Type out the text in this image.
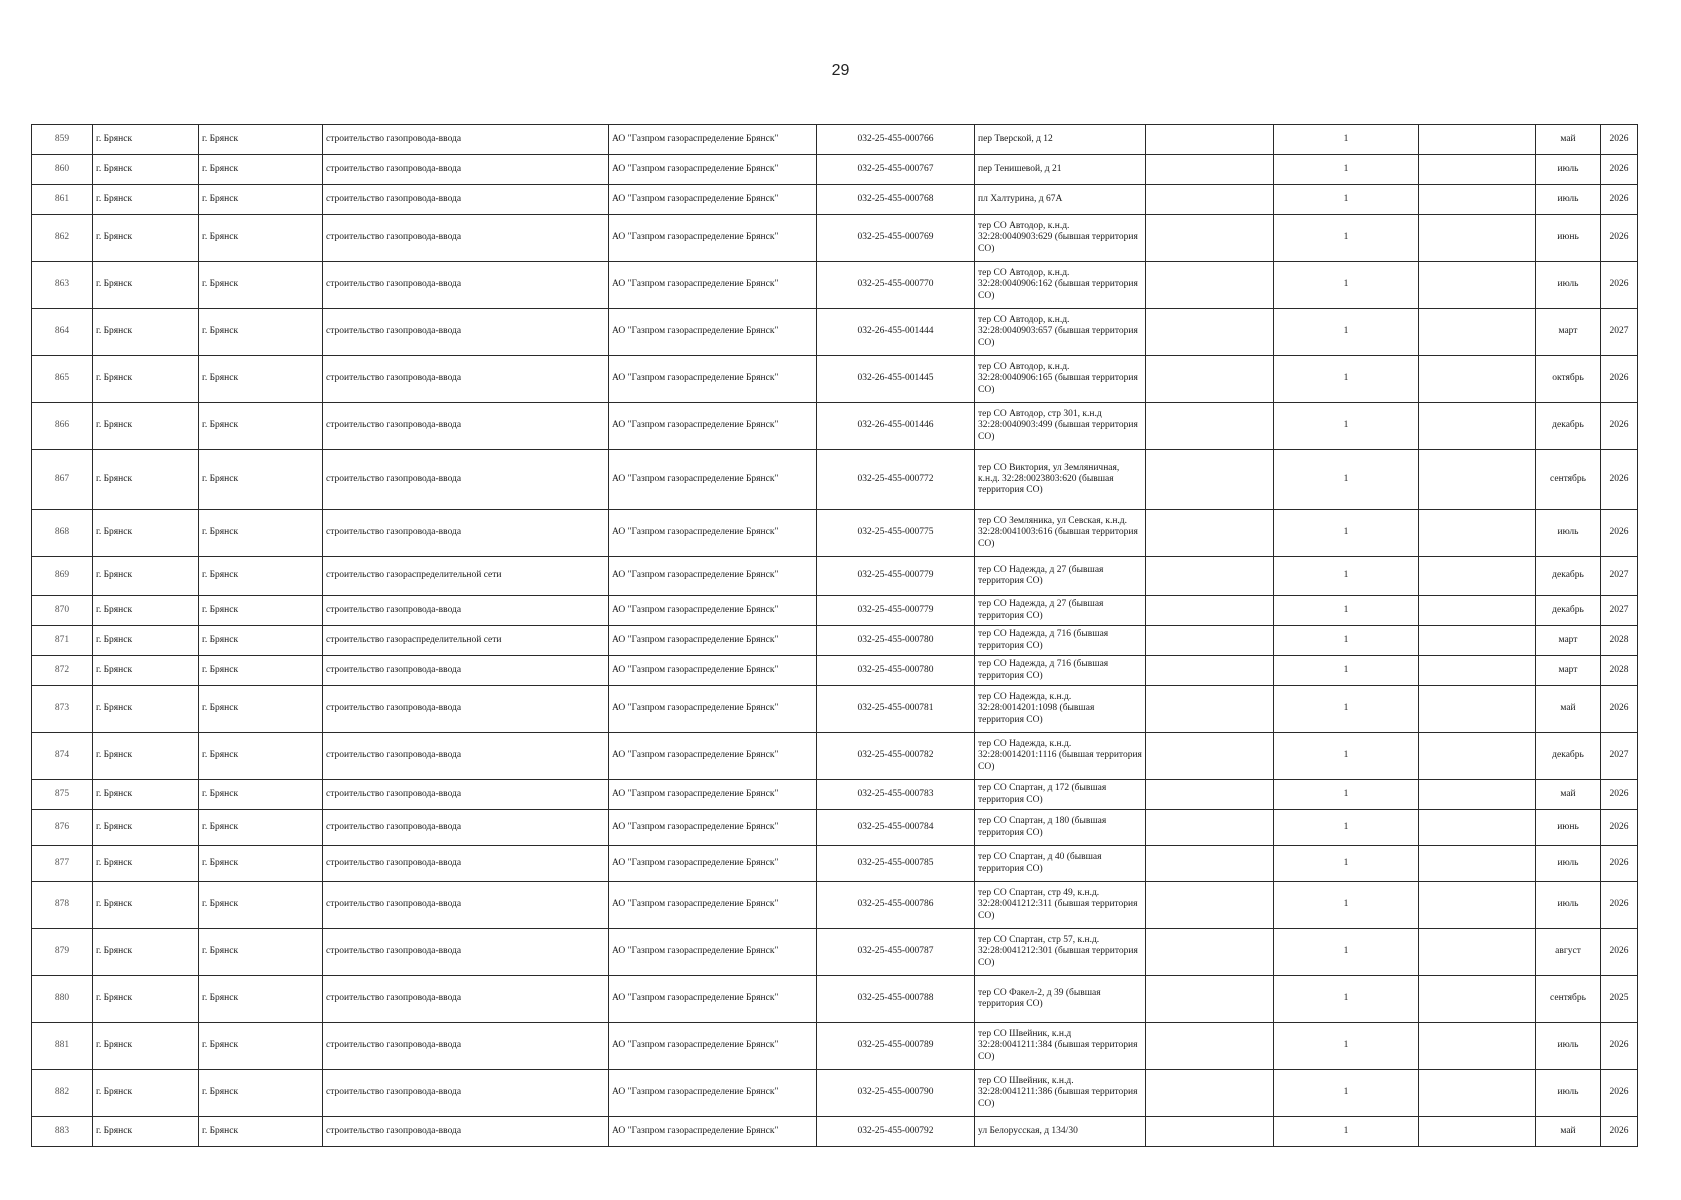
29
859	г. Брянск	г. Брянск	строительство газопровода-ввода	АО "Газпром газораспределение Брянск"	032-25-455-000766	пер Тверской, д 12		1		май	2026
860	г. Брянск	г. Брянск	строительство газопровода-ввода	АО "Газпром газораспределение Брянск"	032-25-455-000767	пер Тенишевой, д 21		1		июль	2026
861	г. Брянск	г. Брянск	строительство газопровода-ввода	АО "Газпром газораспределение Брянск"	032-25-455-000768	пл Халтурина, д 67А		1		июль	2026
862	г. Брянск	г. Брянск	строительство газопровода-ввода	АО "Газпром газораспределение Брянск"	032-25-455-000769	тер СО Автодор, к.н.д. 32:28:0040903:629 (бывшая территория СО)		1		июнь	2026
863	г. Брянск	г. Брянск	строительство газопровода-ввода	АО "Газпром газораспределение Брянск"	032-25-455-000770	тер СО Автодор, к.н.д. 32:28:0040906:162 (бывшая территория СО)		1		июль	2026
864	г. Брянск	г. Брянск	строительство газопровода-ввода	АО "Газпром газораспределение Брянск"	032-26-455-001444	тер СО Автодор, к.н.д. 32:28:0040903:657 (бывшая территория СО)		1		март	2027
865	г. Брянск	г. Брянск	строительство газопровода-ввода	АО "Газпром газораспределение Брянск"	032-26-455-001445	тер СО Автодор, к.н.д. 32:28:0040906:165 (бывшая территория СО)		1		октябрь	2026
866	г. Брянск	г. Брянск	строительство газопровода-ввода	АО "Газпром газораспределение Брянск"	032-26-455-001446	тер СО Автодор, стр 301, к.н.д 32:28:0040903:499 (бывшая территория СО)		1		декабрь	2026
867	г. Брянск	г. Брянск	строительство газопровода-ввода	АО "Газпром газораспределение Брянск"	032-25-455-000772	тер СО Виктория, ул Земляничная, к.н.д. 32:28:0023803:620 (бывшая территория СО)		1		сентябрь	2026
868	г. Брянск	г. Брянск	строительство газопровода-ввода	АО "Газпром газораспределение Брянск"	032-25-455-000775	тер СО Земляника, ул Севская, к.н.д. 32:28:0041003:616 (бывшая территория СО)		1		июль	2026
869	г. Брянск	г. Брянск	строительство газораспределительной сети	АО "Газпром газораспределение Брянск"	032-25-455-000779	тер СО Надежда, д 27 (бывшая территория СО)		1		декабрь	2027
870	г. Брянск	г. Брянск	строительство газопровода-ввода	АО "Газпром газораспределение Брянск"	032-25-455-000779	тер СО Надежда, д 27 (бывшая территория СО)		1		декабрь	2027
871	г. Брянск	г. Брянск	строительство газораспределительной сети	АО "Газпром газораспределение Брянск"	032-25-455-000780	тер СО Надежда, д 716 (бывшая территория СО)		1		март	2028
872	г. Брянск	г. Брянск	строительство газопровода-ввода	АО "Газпром газораспределение Брянск"	032-25-455-000780	тер СО Надежда, д 716 (бывшая территория СО)		1		март	2028
873	г. Брянск	г. Брянск	строительство газопровода-ввода	АО "Газпром газораспределение Брянск"	032-25-455-000781	тер СО Надежда, к.н.д. 32:28:0014201:1098 (бывшая территория СО)		1		май	2026
874	г. Брянск	г. Брянск	строительство газопровода-ввода	АО "Газпром газораспределение Брянск"	032-25-455-000782	тер СО Надежда, к.н.д. 32:28:0014201:1116 (бывшая территория СО)		1		декабрь	2027
875	г. Брянск	г. Брянск	строительство газопровода-ввода	АО "Газпром газораспределение Брянск"	032-25-455-000783	тер СО Спартан, д 172 (бывшая территория СО)		1		май	2026
876	г. Брянск	г. Брянск	строительство газопровода-ввода	АО "Газпром газораспределение Брянск"	032-25-455-000784	тер СО Спартан, д 180 (бывшая территория СО)		1		июнь	2026
877	г. Брянск	г. Брянск	строительство газопровода-ввода	АО "Газпром газораспределение Брянск"	032-25-455-000785	тер СО Спартан, д 40 (бывшая территория СО)		1		июль	2026
878	г. Брянск	г. Брянск	строительство газопровода-ввода	АО "Газпром газораспределение Брянск"	032-25-455-000786	тер СО Спартан, стр 49, к.н.д. 32:28:0041212:311 (бывшая территория СО)		1		июль	2026
879	г. Брянск	г. Брянск	строительство газопровода-ввода	АО "Газпром газораспределение Брянск"	032-25-455-000787	тер СО Спартан, стр 57, к.н.д. 32:28:0041212:301 (бывшая территория СО)		1		август	2026
880	г. Брянск	г. Брянск	строительство газопровода-ввода	АО "Газпром газораспределение Брянск"	032-25-455-000788	тер СО Факел-2, д 39 (бывшая территория СО)		1		сентябрь	2025
881	г. Брянск	г. Брянск	строительство газопровода-ввода	АО "Газпром газораспределение Брянск"	032-25-455-000789	тер СО Швейник, к.н.д 32:28:0041211:384 (бывшая территория СО)		1		июль	2026
882	г. Брянск	г. Брянск	строительство газопровода-ввода	АО "Газпром газораспределение Брянск"	032-25-455-000790	тер СО Швейник, к.н.д. 32:28:0041211:386 (бывшая территория СО)		1		июль	2026
883	г. Брянск	г. Брянск	строительство газопровода-ввода	АО "Газпром газораспределение Брянск"	032-25-455-000792	ул Белорусская, д 134/30		1		май	2026
